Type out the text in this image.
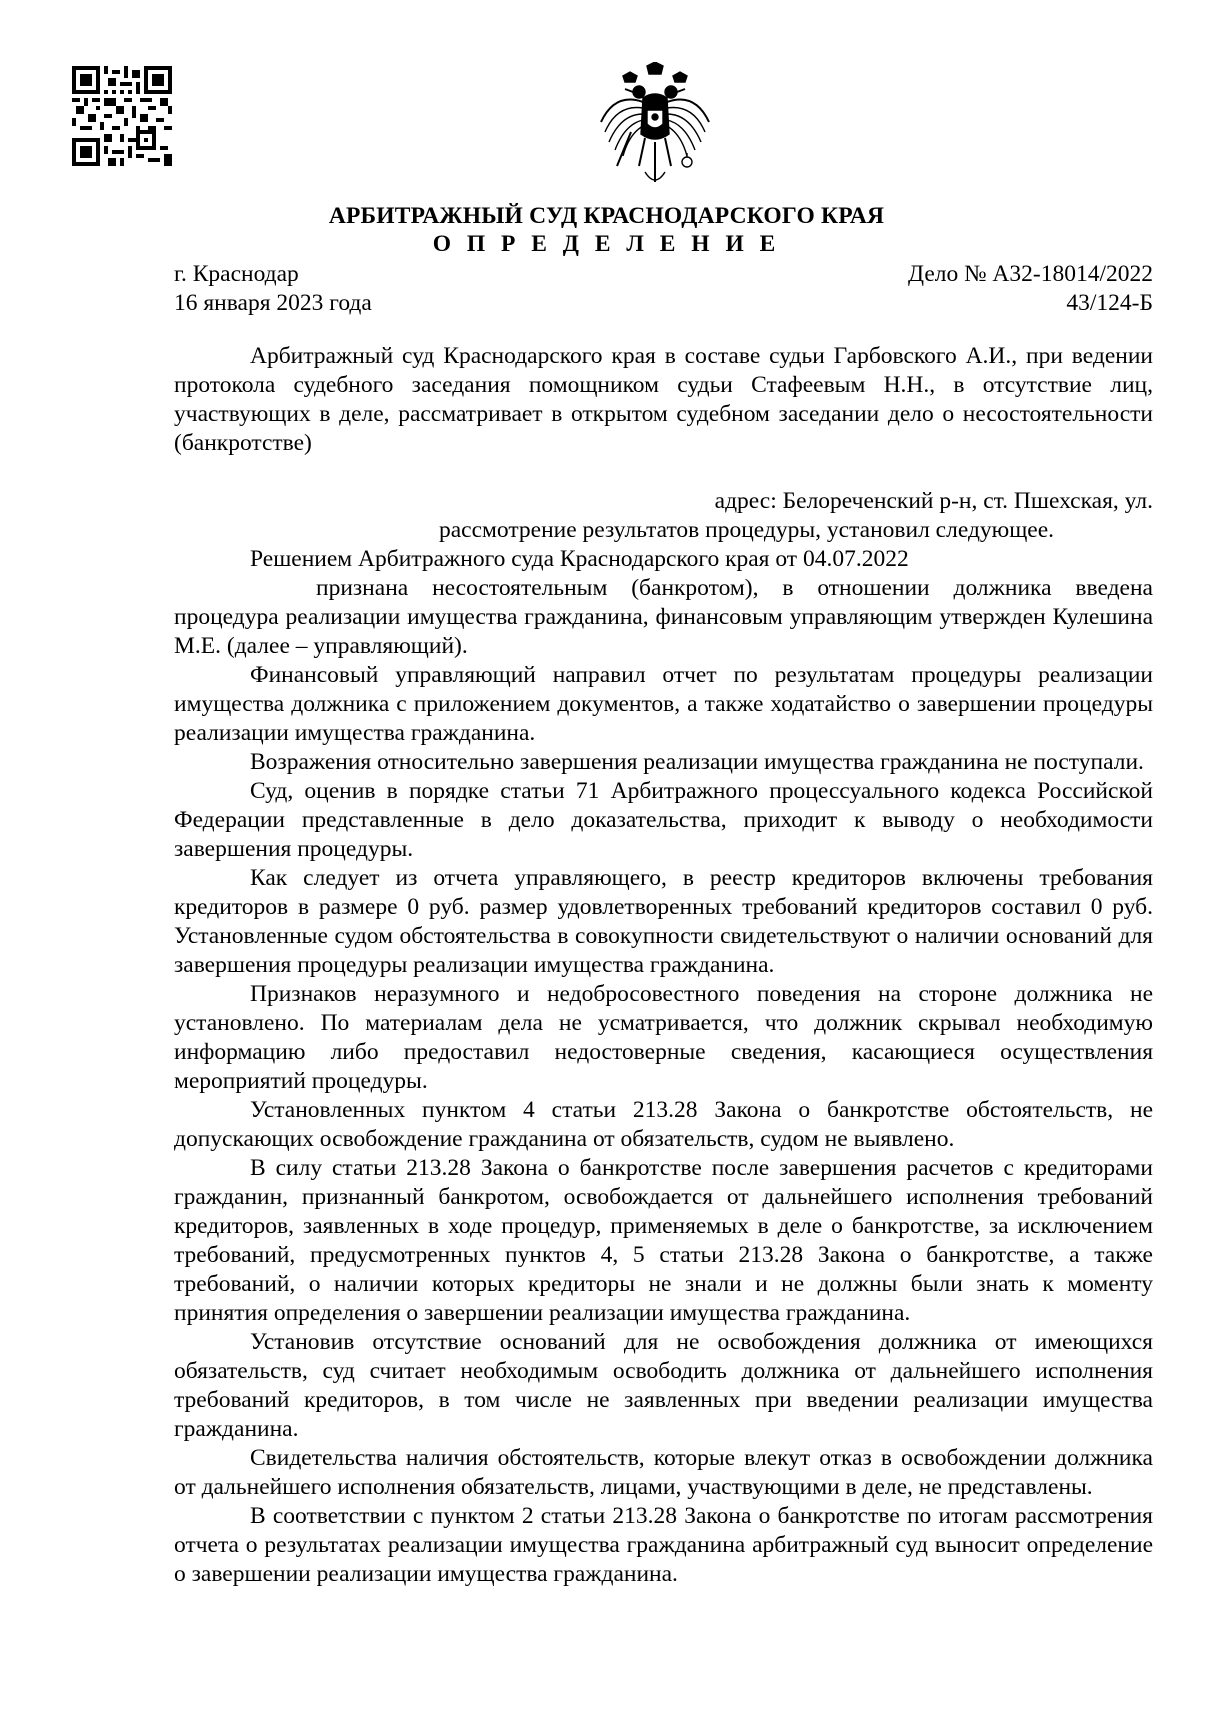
АРБИТРАЖНЫЙ СУД КРАСНОДАРСКОГО КРАЯ
О П Р Е Д Е Л Е Н И Е
г. Краснодар
16 января 2023 года
Дело № А32-18014/2022
43/124-Б

Арбитражный суд Краснодарского края в составе судьи Гарбовского А.И., при ведении протокола судебного заседания помощником судьи Стафеевым Н.Н., в отсутствие лиц, участвующих в деле, рассматривает в открытом судебном заседании дело о несостоятельности (банкротстве)

адрес: Белореченский р-н, ст. Пшехская, ул.

рассмотрение результатов процедуры, установил следующее.

Решением Арбитражного суда Краснодарского края от 04.07.2022

признана несостоятельным (банкротом), в отношении должника введена процедура реализации имущества гражданина, финансовым управляющим утвержден Кулешина М.Е. (далее – управляющий).

Финансовый управляющий направил отчет по результатам процедуры реализации имущества должника с приложением документов, а также ходатайство о завершении процедуры реализации имущества гражданина.

Возражения относительно завершения реализации имущества гражданина не поступали.

Суд, оценив в порядке статьи 71 Арбитражного процессуального кодекса Российской Федерации представленные в дело доказательства, приходит к выводу о необходимости завершения процедуры.

Как следует из отчета управляющего, в реестр кредиторов включены требования кредиторов в размере 0 руб. размер удовлетворенных требований кредиторов составил 0 руб. Установленные судом обстоятельства в совокупности свидетельствуют о наличии оснований для завершения процедуры реализации имущества гражданина.

Признаков неразумного и недобросовестного поведения на стороне должника не установлено. По материалам дела не усматривается, что должник скрывал необходимую информацию либо предоставил недостоверные сведения, касающиеся осуществления мероприятий процедуры.

Установленных пунктом 4 статьи 213.28 Закона о банкротстве обстоятельств, не допускающих освобождение гражданина от обязательств, судом не выявлено.

В силу статьи 213.28 Закона о банкротстве после завершения расчетов с кредиторами гражданин, признанный банкротом, освобождается от дальнейшего исполнения требований кредиторов, заявленных в ходе процедур, применяемых в деле о банкротстве, за исключением требований, предусмотренных пунктов 4, 5 статьи 213.28 Закона о банкротстве, а также требований, о наличии которых кредиторы не знали и не должны были знать к моменту принятия определения о завершении реализации имущества гражданина.

Установив отсутствие оснований для не освобождения должника от имеющихся обязательств, суд считает необходимым освободить должника от дальнейшего исполнения требований кредиторов, в том числе не заявленных при введении реализации имущества гражданина.

Свидетельства наличия обстоятельств, которые влекут отказ в освобождении должника от дальнейшего исполнения обязательств, лицами, участвующими в деле, не представлены.

В соответствии с пунктом 2 статьи 213.28 Закона о банкротстве по итогам рассмотрения отчета о результатах реализации имущества гражданина арбитражный суд выносит определение о завершении реализации имущества гражданина.
